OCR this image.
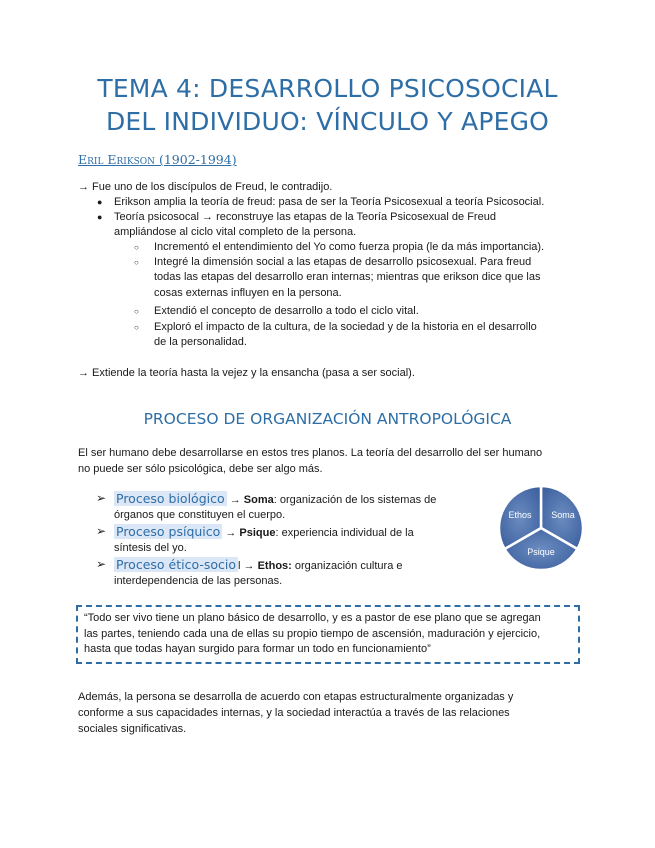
TEMA 4: DESARROLLO PSICOSOCIAL
DEL INDIVIDUO: VÍNCULO Y APEGO
Eril Erikson (1902-1994)
→ Fue uno de los discípulos de Freud, le contradijo.
● Erikson amplia la teoría de freud: pasa de ser la Teoría Psicosexual a teoría Psicosocial.
● Teoría psicosocal → reconstruye las etapas de la Teoría Psicosexual de Freud
ampliándose al ciclo vital completo de la persona.
○ Incrementó el entendimiento del Yo como fuerza propia (le da más importancia).
○ Integré la dimensión social a las etapas de desarrollo psicosexual. Para freud
todas las etapas del desarrollo eran internas; mientras que erikson dice que las
cosas externas influyen en la persona.
○ Extendió el concepto de desarrollo a todo el ciclo vital.
○ Exploró el impacto de la cultura, de la sociedad y de la historia en el desarrollo
de la personalidad.
→ Extiende la teoría hasta la vejez y la ensancha (pasa a ser social).
PROCESO DE ORGANIZACIÓN ANTROPOLÓGICA
El ser humano debe desarrollarse en estos tres planos. La teoría del desarrollo del ser humano
no puede ser sólo psicológica, debe ser algo más.
➢ Proceso biológico → Soma: organización de los sistemas de
órganos que constituyen el cuerpo.
➢ Proceso psíquico → Psique: experiencia individual de la
síntesis del yo.
➢ Proceso ético-socio l → Ethos: organización cultura e
interdependencia de las personas.
Ethos Soma
Psique
“Todo ser vivo tiene un plano básico de desarrollo, y es a pastor de ese plano que se agregan
las partes, teniendo cada una de ellas su propio tiempo de ascensión, maduración y ejercicio,
hasta que todas hayan surgido para formar un todo en funcionamiento”
Además, la persona se desarrolla de acuerdo con etapas estructuralmente organizadas y
conforme a sus capacidades internas, y la sociedad interactúa a través de las relaciones
sociales significativas.
